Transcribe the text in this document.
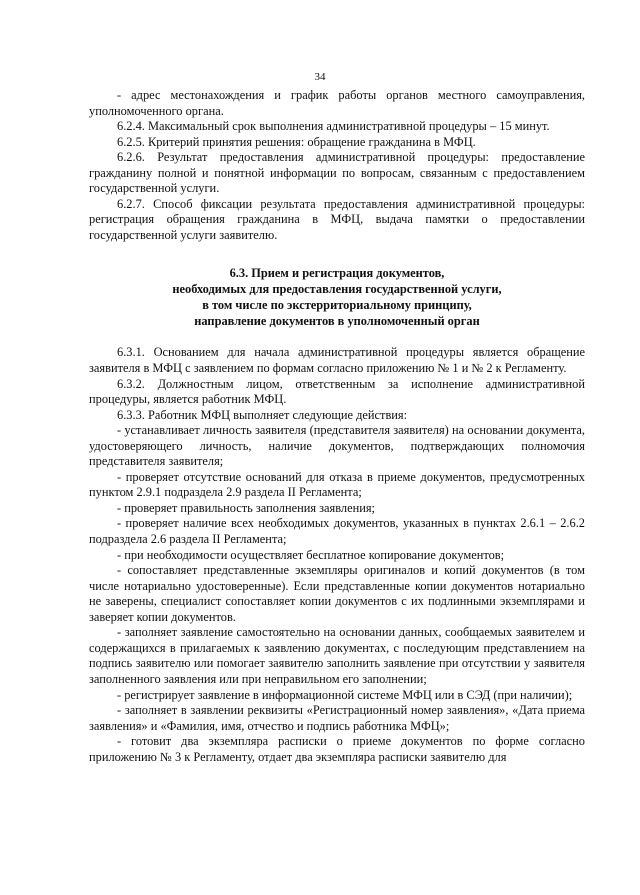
34

- адрес местонахождения и график работы органов местного самоуправления, уполномоченного органа.

6.2.4. Максимальный срок выполнения административной процедуры – 15 минут.

6.2.5. Критерий принятия решения: обращение гражданина в МФЦ.

6.2.6. Результат предоставления административной процедуры: предоставление гражданину полной и понятной информации по вопросам, связанным с предоставлением государственной услуги.

6.2.7. Способ фиксации результата предоставления административной процедуры: регистрация обращения гражданина в МФЦ, выдача памятки о предоставлении государственной услуги заявителю.

6.3. Прием и регистрация документов,
необходимых для предоставления государственной услуги,
в том числе по экстерриториальному принципу,
направление документов в уполномоченный орган

6.3.1. Основанием для начала административной процедуры является обращение заявителя в МФЦ с заявлением по формам согласно приложению № 1 и № 2 к Регламенту.

6.3.2. Должностным лицом, ответственным за исполнение административной процедуры, является работник МФЦ.

6.3.3. Работник МФЦ выполняет следующие действия:

- устанавливает личность заявителя (представителя заявителя) на основании документа, удостоверяющего личность, наличие документов, подтверждающих полномочия представителя заявителя;

- проверяет отсутствие оснований для отказа в приеме документов, предусмотренных пунктом 2.9.1 подраздела 2.9 раздела II Регламента;

- проверяет правильность заполнения заявления;

- проверяет наличие всех необходимых документов, указанных в пунктах 2.6.1 – 2.6.2 подраздела 2.6 раздела II Регламента;

- при необходимости осуществляет бесплатное копирование документов;

- сопоставляет представленные экземпляры оригиналов и копий документов (в том числе нотариально удостоверенные). Если представленные копии документов нотариально не заверены, специалист сопоставляет копии документов с их подлинными экземплярами и заверяет копии документов.

- заполняет заявление самостоятельно на основании данных, сообщаемых заявителем и содержащихся в прилагаемых к заявлению документах, с последующим представлением на подпись заявителю или помогает заявителю заполнить заявление при отсутствии у заявителя заполненного заявления или при неправильном его заполнении;

- регистрирует заявление в информационной системе МФЦ или в СЭД (при наличии);

- заполняет в заявлении реквизиты «Регистрационный номер заявления», «Дата приема заявления» и «Фамилия, имя, отчество и подпись работника МФЦ»;

- готовит два экземпляра расписки о приеме документов по форме согласно приложению № 3 к Регламенту, отдает два экземпляра расписки заявителю для
